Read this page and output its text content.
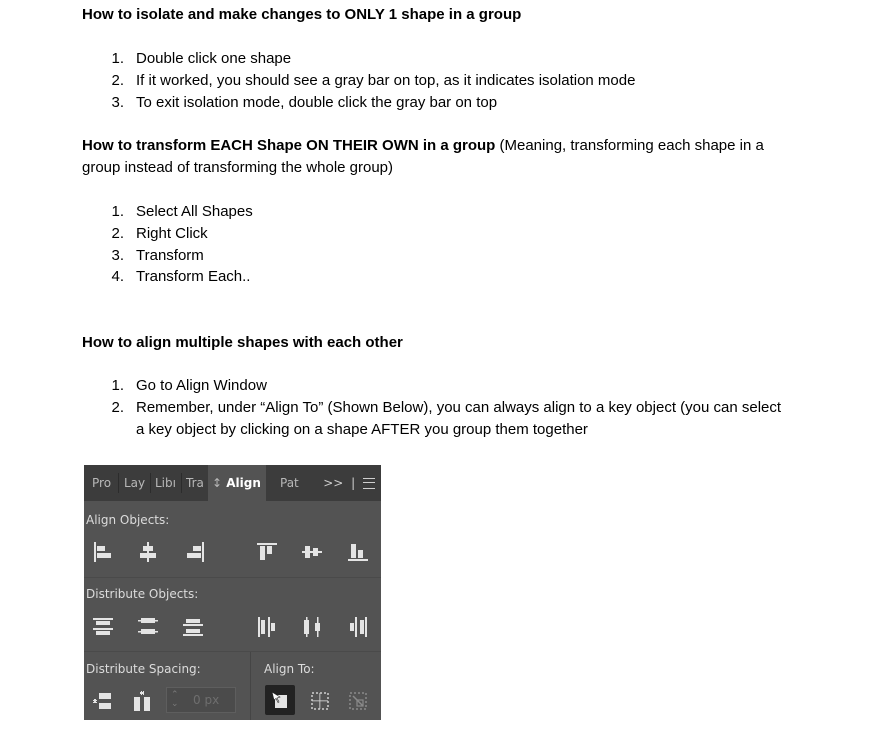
How to isolate and make changes to ONLY 1 shape in a group
1. Double click one shape
2. If it worked, you should see a gray bar on top, as it indicates isolation mode
3. To exit isolation mode, double click the gray bar on top
How to transform EACH Shape ON THEIR OWN in a group (Meaning, transforming each shape in a group instead of transforming the whole group)
1. Select All Shapes
2. Right Click
3. Transform
4. Transform Each..
How to align multiple shapes with each other
1. Go to Align Window
2. Remember, under “Align To” (Shown Below), you can always align to a key object (you can select a key object by clicking on a shape AFTER you group them together
Pro	Lay Libı Tra ↕ Align	Pat	>> |
Align Objects:
Distribute Objects:
Distribute Spacing:
⌃
⌄ 0 px
Align To:
